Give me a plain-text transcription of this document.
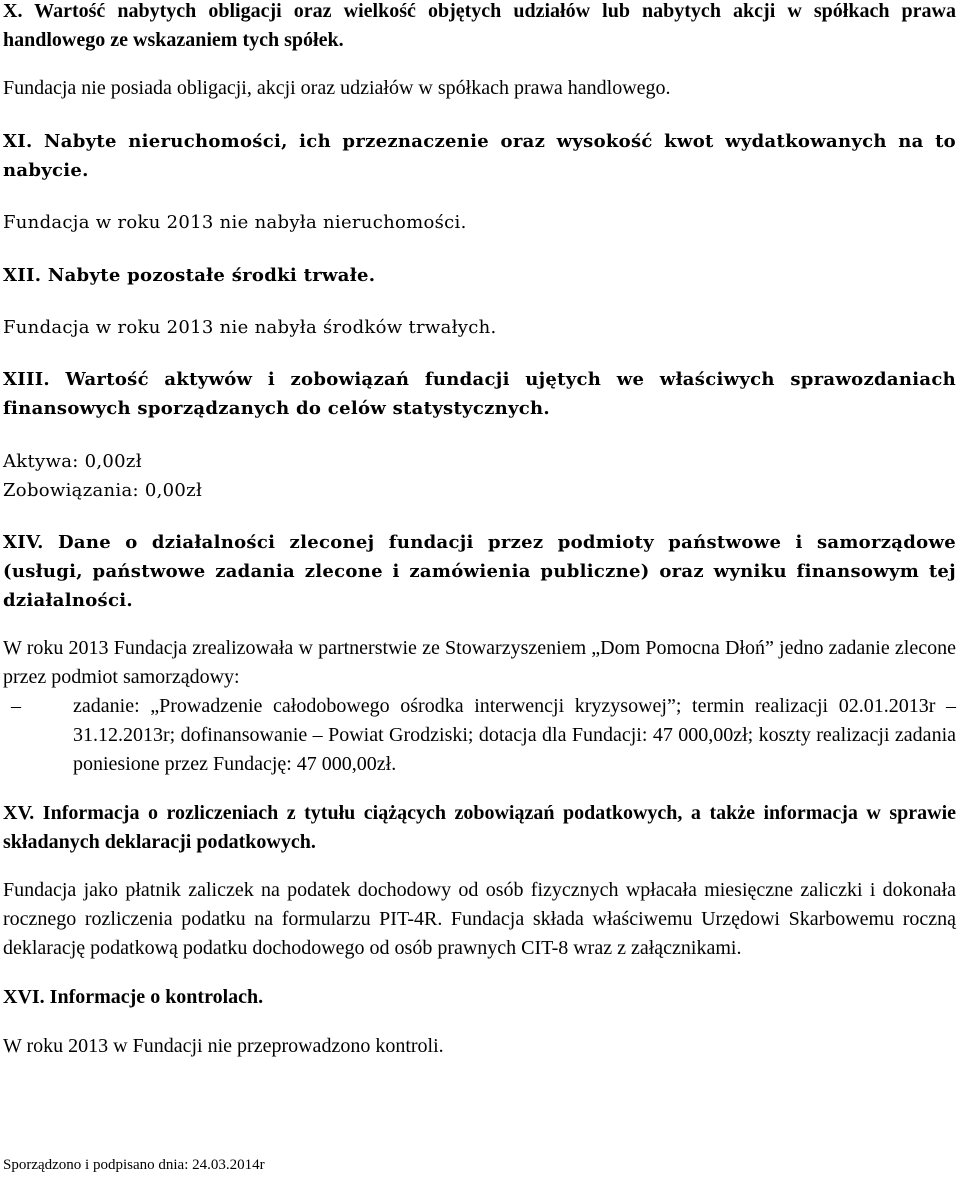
X. Wartość nabytych obligacji oraz wielkość objętych udziałów lub nabytych akcji w spółkach prawa handlowego ze wskazaniem tych spółek.

Fundacja nie posiada obligacji, akcji oraz udziałów w spółkach prawa handlowego.

XI. Nabyte nieruchomości, ich przeznaczenie oraz wysokość kwot wydatkowanych na to nabycie.

Fundacja w roku 2013 nie nabyła nieruchomości.

XII. Nabyte pozostałe środki trwałe.

Fundacja w roku 2013 nie nabyła środków trwałych.

XIII. Wartość aktywów i zobowiązań fundacji ujętych we właściwych sprawozdaniach finansowych sporządzanych do celów statystycznych.

Aktywa: 0,00zł

Zobowiązania: 0,00zł

XIV. Dane o działalności zleconej fundacji przez podmioty państwowe i samorządowe (usługi, państwowe zadania zlecone i zamówienia publiczne) oraz wyniku finansowym tej działalności.

W roku 2013 Fundacja zrealizowała w partnerstwie ze Stowarzyszeniem „Dom Pomocna Dłoń” jedno zadanie zlecone przez podmiot samorządowy:

–	zadanie: „Prowadzenie całodobowego ośrodka interwencji kryzysowej”; termin realizacji 02.01.2013r – 31.12.2013r; dofinansowanie – Powiat Grodziski; dotacja dla Fundacji: 47 000,00zł; koszty realizacji zadania poniesione przez Fundację: 47 000,00zł.

XV. Informacja o rozliczeniach z tytułu ciążących zobowiązań podatkowych, a także informacja w sprawie składanych deklaracji podatkowych.

Fundacja jako płatnik zaliczek na podatek dochodowy od osób fizycznych wpłacała miesięczne zaliczki i dokonała rocznego rozliczenia podatku na formularzu PIT-4R. Fundacja składa właściwemu Urzędowi Skarbowemu roczną deklarację podatkową podatku dochodowego od osób prawnych CIT-8 wraz z załącznikami.

XVI. Informacje o kontrolach.

W roku 2013 w Fundacji nie przeprowadzono kontroli.

Sporządzono i podpisano dnia: 24.03.2014r
